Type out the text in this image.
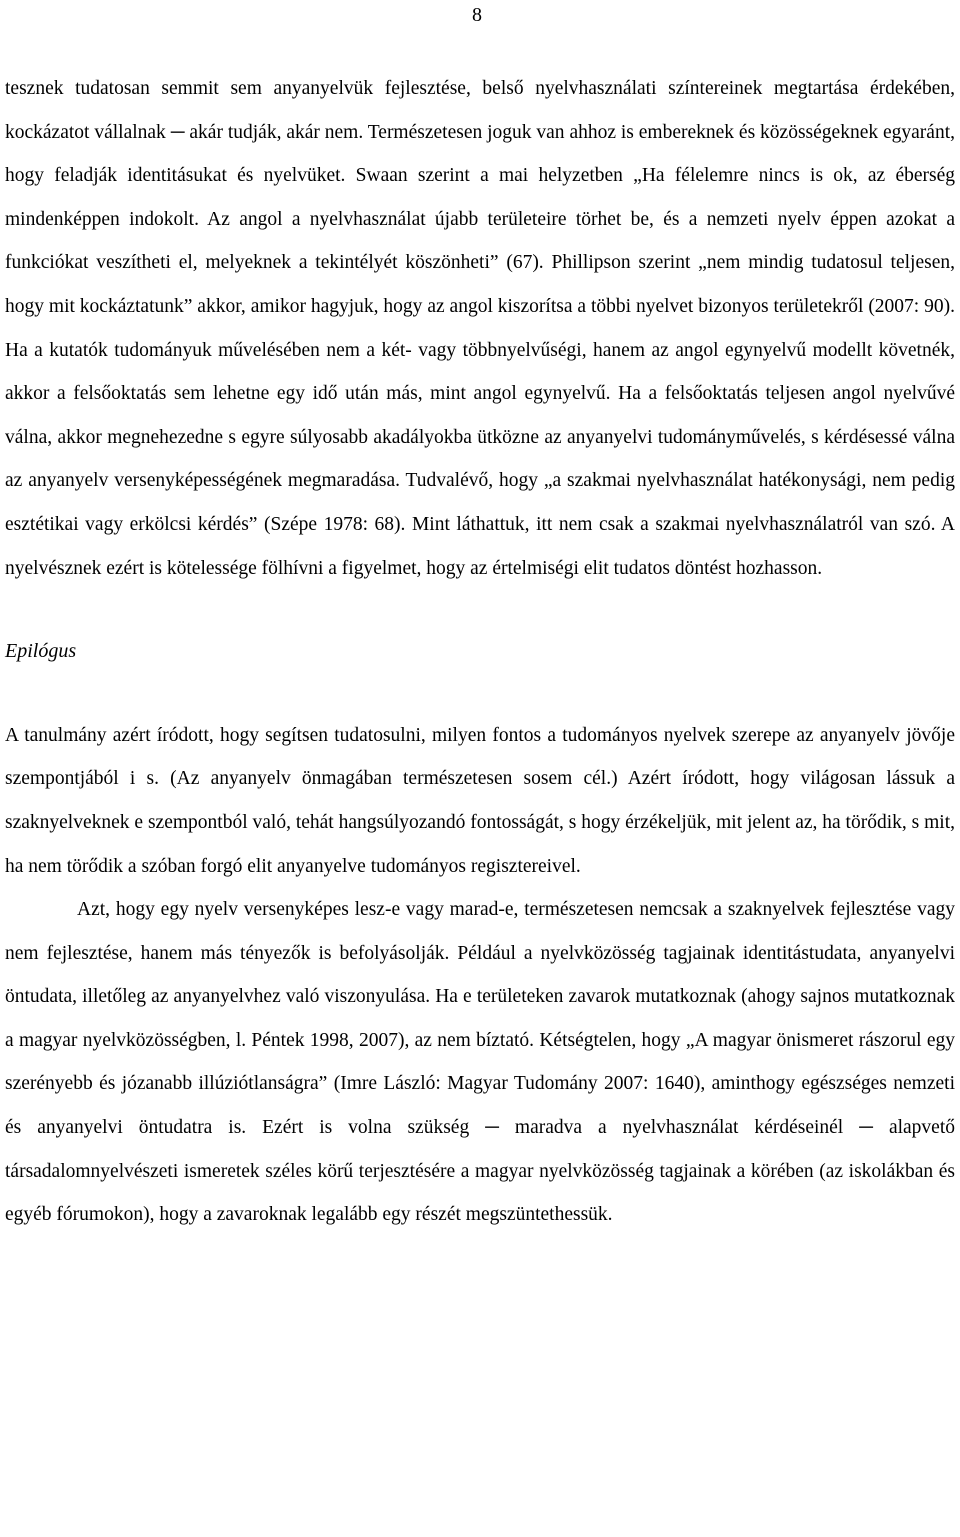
8

tesznek tudatosan semmit sem anyanyelvük fejlesztése, belső nyelvhasználati színtereinek megtartása érdekében, kockázatot vállalnak ─ akár tudják, akár nem. Természetesen joguk van ahhoz is embereknek és közösségeknek egyaránt, hogy feladják identitásukat és nyelvüket. Swaan szerint a mai helyzetben „Ha félelemre nincs is ok, az éberség mindenképpen indokolt. Az angol a nyelvhasználat újabb területeire törhet be, és a nemzeti nyelv éppen azokat a funkciókat veszítheti el, melyeknek a tekintélyét köszönheti” (67). Phillipson szerint „nem mindig tudatosul teljesen, hogy mit kockáztatunk” akkor, amikor hagyjuk, hogy az angol kiszorítsa a többi nyelvet bizonyos területekről (2007: 90). Ha a kutatók tudományuk művelésében nem a két- vagy többnyelvűségi, hanem az angol egynyelvű modellt követnék, akkor a felsőoktatás sem lehetne egy idő után más, mint angol egynyelvű. Ha a felsőoktatás teljesen angol nyelvűvé válna, akkor megnehezedne s egyre súlyosabb akadályokba ütközne az anyanyelvi tudományművelés, s kérdésessé válna az anyanyelv versenyképességének megmaradása. Tudvalévő, hogy „a szakmai nyelvhasználat hatékonysági, nem pedig esztétikai vagy erkölcsi kérdés” (Szépe 1978: 68). Mint láthattuk, itt nem csak a szakmai nyelvhasználatról van szó. A nyelvésznek ezért is kötelessége fölhívni a figyelmet, hogy az értelmiségi elit tudatos döntést hozhasson.

Epilógus

A tanulmány azért íródott, hogy segítsen tudatosulni, milyen fontos a tudományos nyelvek szerepe az anyanyelv jövője szempontjából i s. (Az anyanyelv önmagában természetesen sosem cél.) Azért íródott, hogy világosan lássuk a szaknyelveknek e szempontból való, tehát hangsúlyozandó fontosságát, s hogy érzékeljük, mit jelent az, ha törődik, s mit, ha nem törődik a szóban forgó elit anyanyelve tudományos regisztereivel.

Azt, hogy egy nyelv versenyképes lesz-e vagy marad-e, természetesen nemcsak a szaknyelvek fejlesztése vagy nem fejlesztése, hanem más tényezők is befolyásolják. Például a nyelvközösség tagjainak identitástudata, anyanyelvi öntudata, illetőleg az anyanyelvhez való viszonyulása. Ha e területeken zavarok mutatkoznak (ahogy sajnos mutatkoznak a magyar nyelvközösségben, l. Péntek 1998, 2007), az nem bíztató. Kétségtelen, hogy „A magyar önismeret rászorul egy szerényebb és józanabb illúziótlanságra” (Imre László: Magyar Tudomány 2007: 1640), aminthogy egészséges nemzeti és anyanyelvi öntudatra is. Ezért is volna szükség ─ maradva a nyelvhasználat kérdéseinél ─ alapvető társadalomnyelvészeti ismeretek széles körű terjesztésére a magyar nyelvközösség tagjainak a körében (az iskolákban és egyéb fórumokon), hogy a zavaroknak legalább egy részét megszüntethessük.
